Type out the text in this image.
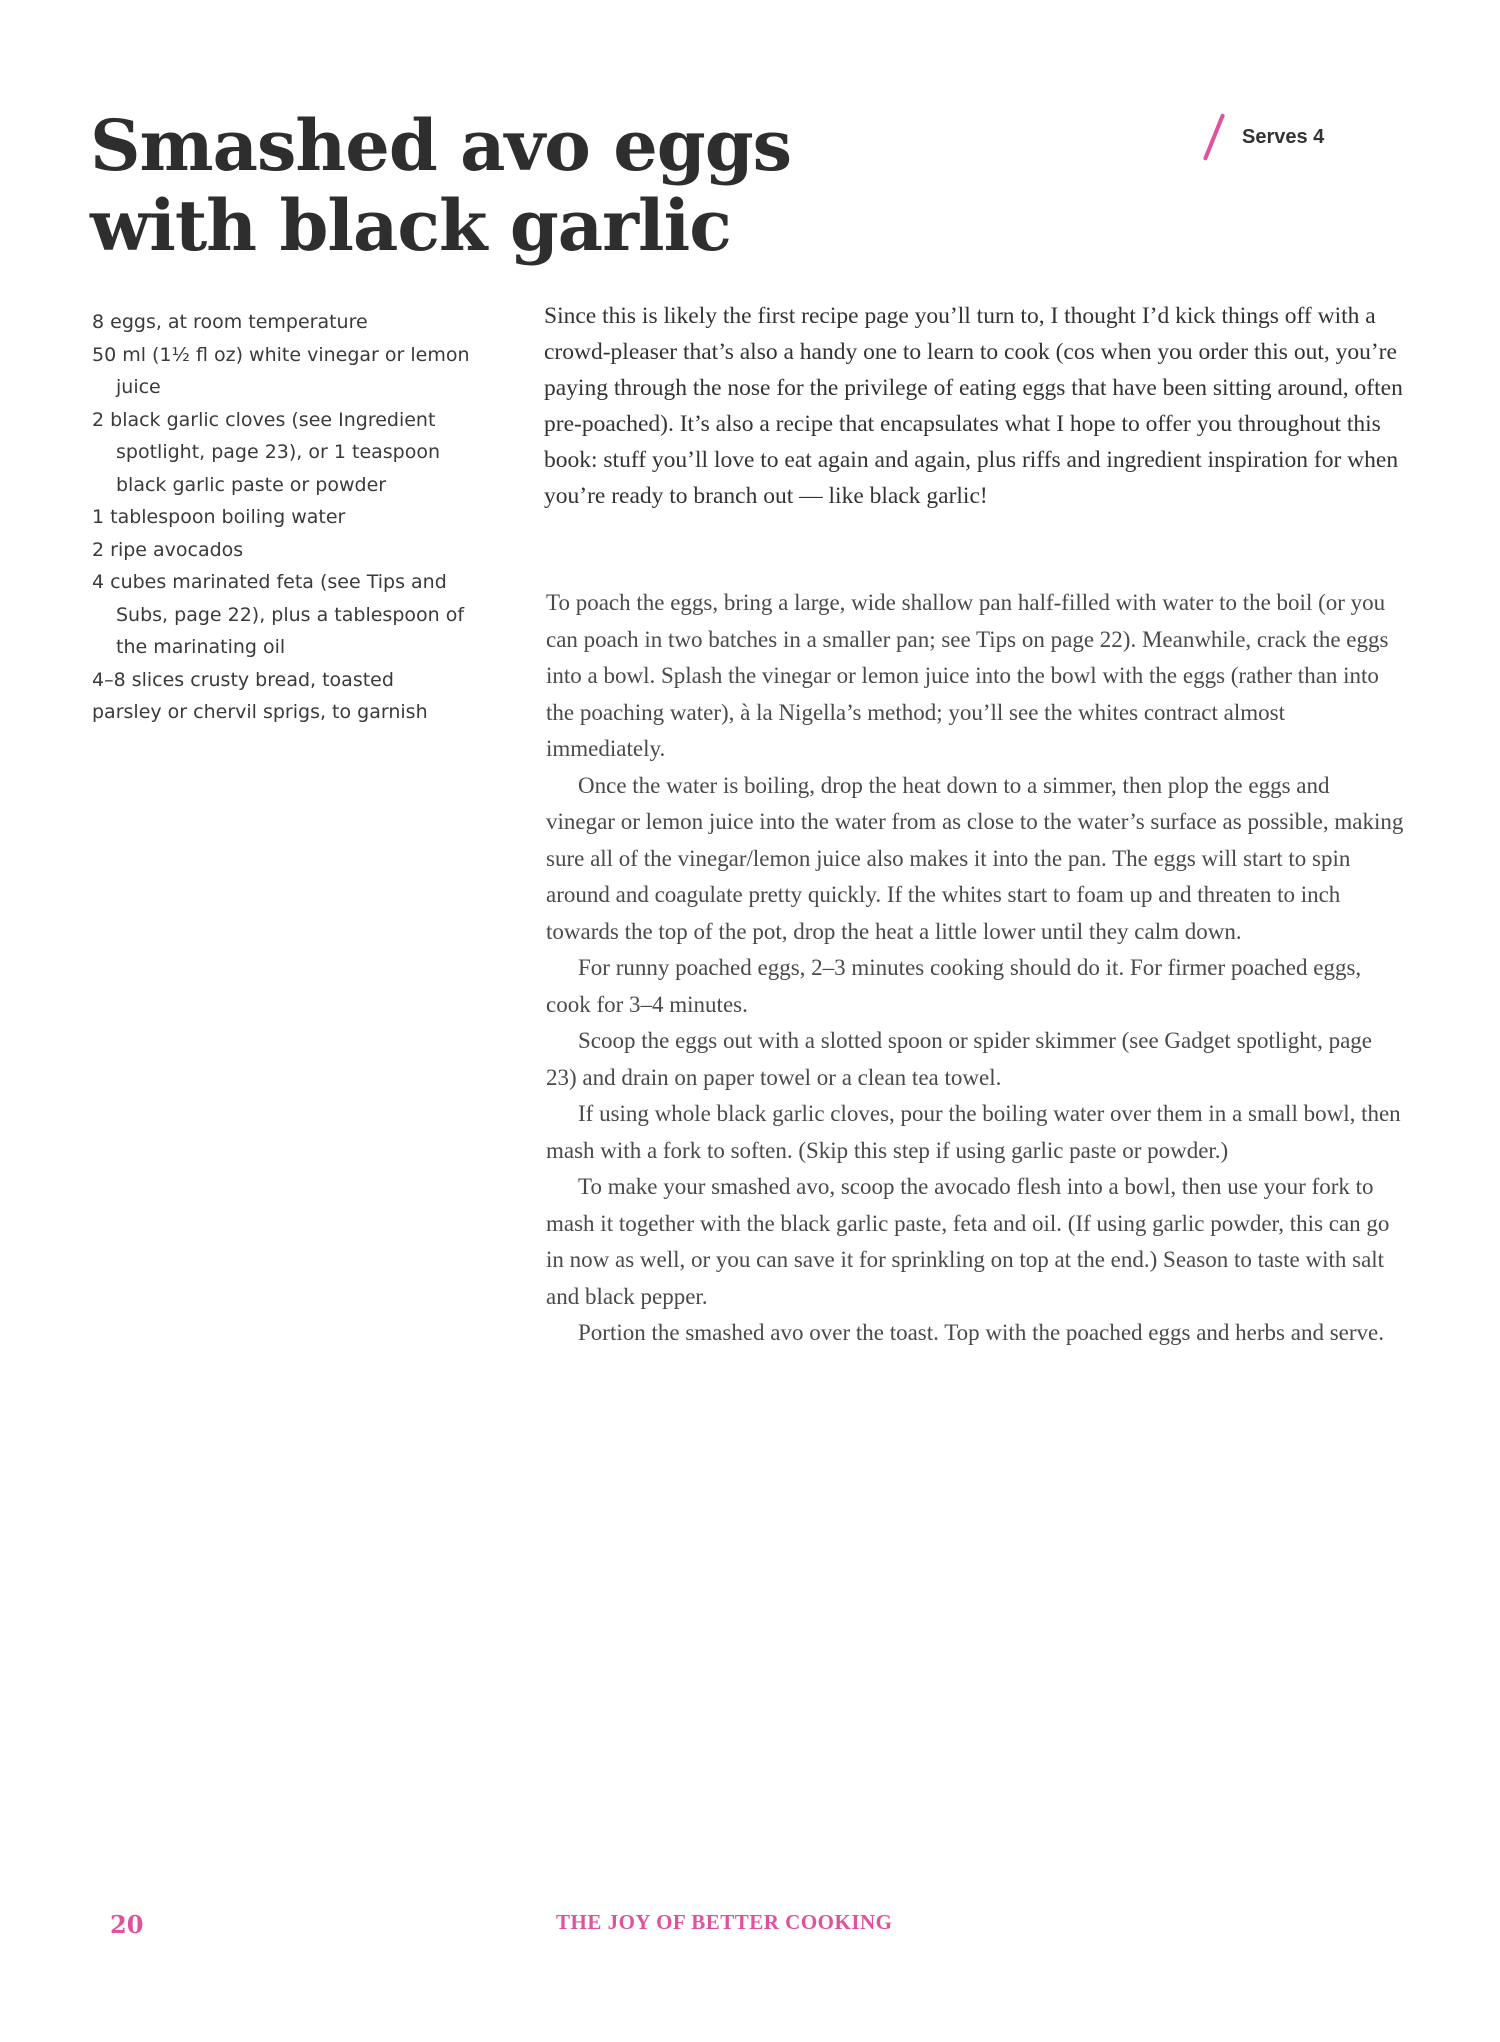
Smashed avo eggs
with black garlic
Serves 4
8 eggs, at room temperature
50 ml (1½ fl oz) white vinegar or lemon juice
2 black garlic cloves (see Ingredient spotlight, page 23), or 1 teaspoon black garlic paste or powder
1 tablespoon boiling water
2 ripe avocados
4 cubes marinated feta (see Tips and Subs, page 22), plus a tablespoon of the marinating oil
4–8 slices crusty bread, toasted
parsley or chervil sprigs, to garnish

Since this is likely the first recipe page you’ll turn to, I thought I’d kick things off with a crowd-pleaser that’s also a handy one to learn to cook (cos when you order this out, you’re paying through the nose for the privilege of eating eggs that have been sitting around, often pre-poached). It’s also a recipe that encapsulates what I hope to offer you throughout this book: stuff you’ll love to eat again and again, plus riffs and ingredient inspiration for when you’re ready to branch out — like black garlic!

To poach the eggs, bring a large, wide shallow pan half-filled with water to the boil (or you can poach in two batches in a smaller pan; see Tips on page 22). Meanwhile, crack the eggs into a bowl. Splash the vinegar or lemon juice into the bowl with the eggs (rather than into the poaching water), à la Nigella’s method; you’ll see the whites contract almost immediately.

Once the water is boiling, drop the heat down to a simmer, then plop the eggs and vinegar or lemon juice into the water from as close to the water’s surface as possible, making sure all of the vinegar/lemon juice also makes it into the pan. The eggs will start to spin around and coagulate pretty quickly. If the whites start to foam up and threaten to inch towards the top of the pot, drop the heat a little lower until they calm down.

For runny poached eggs, 2–3 minutes cooking should do it. For firmer poached eggs, cook for 3–4 minutes.

Scoop the eggs out with a slotted spoon or spider skimmer (see Gadget spotlight, page 23) and drain on paper towel or a clean tea towel.

If using whole black garlic cloves, pour the boiling water over them in a small bowl, then mash with a fork to soften. (Skip this step if using garlic paste or powder.)

To make your smashed avo, scoop the avocado flesh into a bowl, then use your fork to mash it together with the black garlic paste, feta and oil. (If using garlic powder, this can go in now as well, or you can save it for sprinkling on top at the end.) Season to taste with salt and black pepper.

Portion the smashed avo over the toast. Top with the poached eggs and herbs and serve.

20	THE JOY OF BETTER COOKING
